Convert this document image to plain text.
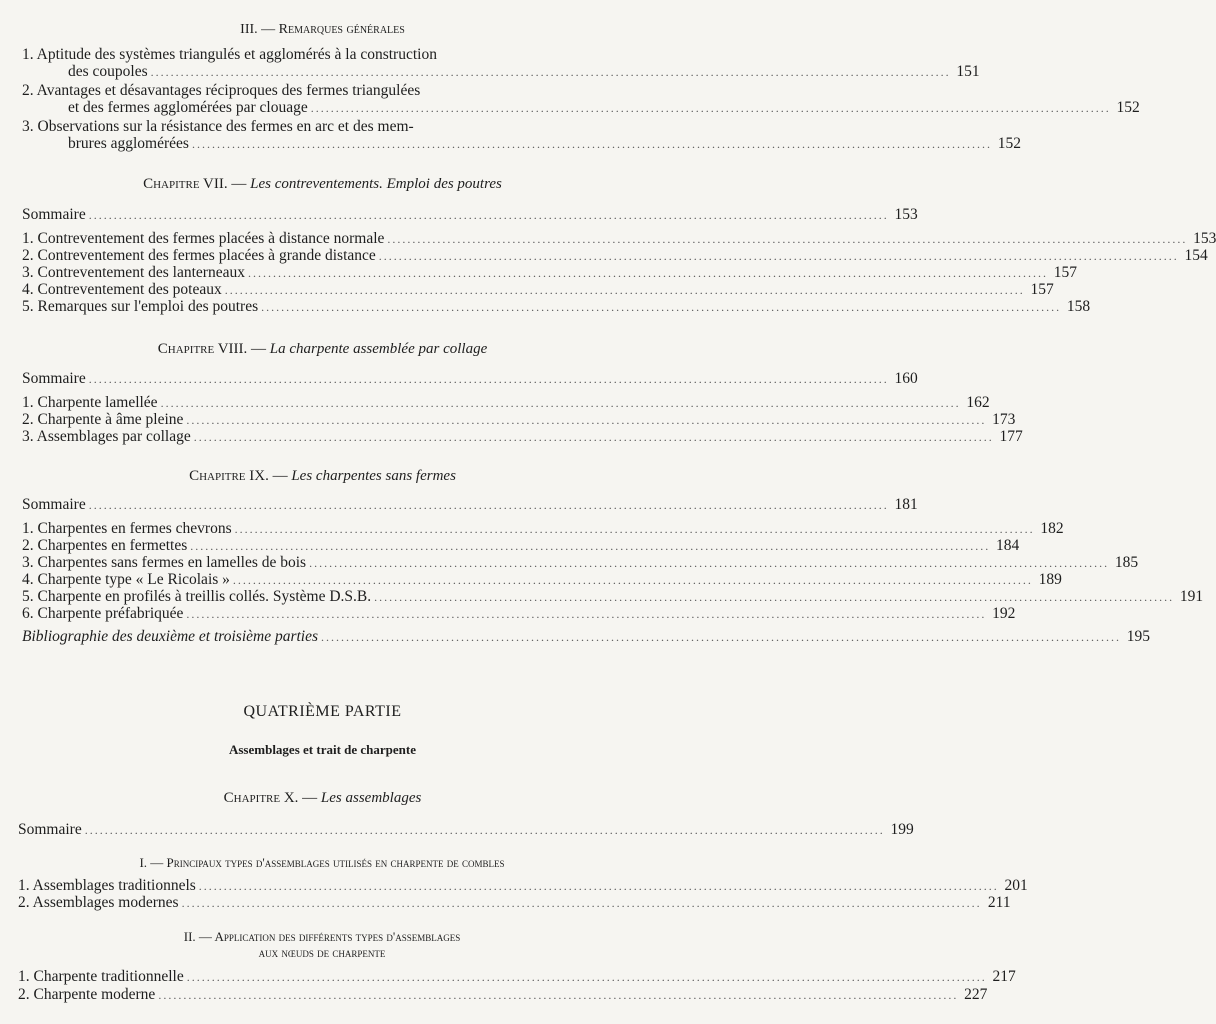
III. — Remarques générales
1. Aptitude des systèmes triangulés et agglomérés à la construction
des coupoles ................................................................................................................................................................ 151
2. Avantages et désavantages réciproques des fermes triangulées
et des fermes agglomérées par clouage ................................................................................................................................................................ 152
3. Observations sur la résistance des fermes en arc et des mem-
brures agglomérées ................................................................................................................................................................ 152
Chapitre VII. — Les contreventements. Emploi des poutres
Sommaire ................................................................................................................................................................ 153
1. Contreventement des fermes placées à distance normale ................................................................................................................................................................ 153
2. Contreventement des fermes placées à grande distance ................................................................................................................................................................ 154
3. Contreventement des lanterneaux ................................................................................................................................................................ 157
4. Contreventement des poteaux ................................................................................................................................................................ 157
5. Remarques sur l'emploi des poutres ................................................................................................................................................................ 158
Chapitre VIII. — La charpente assemblée par collage
Sommaire ................................................................................................................................................................ 160
1. Charpente lamellée ................................................................................................................................................................ 162
2. Charpente à âme pleine ................................................................................................................................................................ 173
3. Assemblages par collage ................................................................................................................................................................ 177
Chapitre IX. — Les charpentes sans fermes
Sommaire ................................................................................................................................................................ 181
1. Charpentes en fermes chevrons ................................................................................................................................................................ 182
2. Charpentes en fermettes ................................................................................................................................................................ 184
3. Charpentes sans fermes en lamelles de bois ................................................................................................................................................................ 185
4. Charpente type « Le Ricolais » ................................................................................................................................................................ 189
5. Charpente en profilés à treillis collés. Système D.S.B. ................................................................................................................................................................ 191
6. Charpente préfabriquée ................................................................................................................................................................ 192
Bibliographie des deuxième et troisième parties ................................................................................................................................................................ 195
QUATRIÈME PARTIE
Assemblages et trait de charpente
Chapitre X. — Les assemblages
Sommaire ................................................................................................................................................................ 199
I. — Principaux types d'assemblages utilisés en charpente de combles
1. Assemblages traditionnels ................................................................................................................................................................ 201
2. Assemblages modernes ................................................................................................................................................................ 211
II. — Application des différents types d'assemblages
aux nœuds de charpente
1. Charpente traditionnelle ................................................................................................................................................................ 217
2. Charpente moderne ................................................................................................................................................................ 227
